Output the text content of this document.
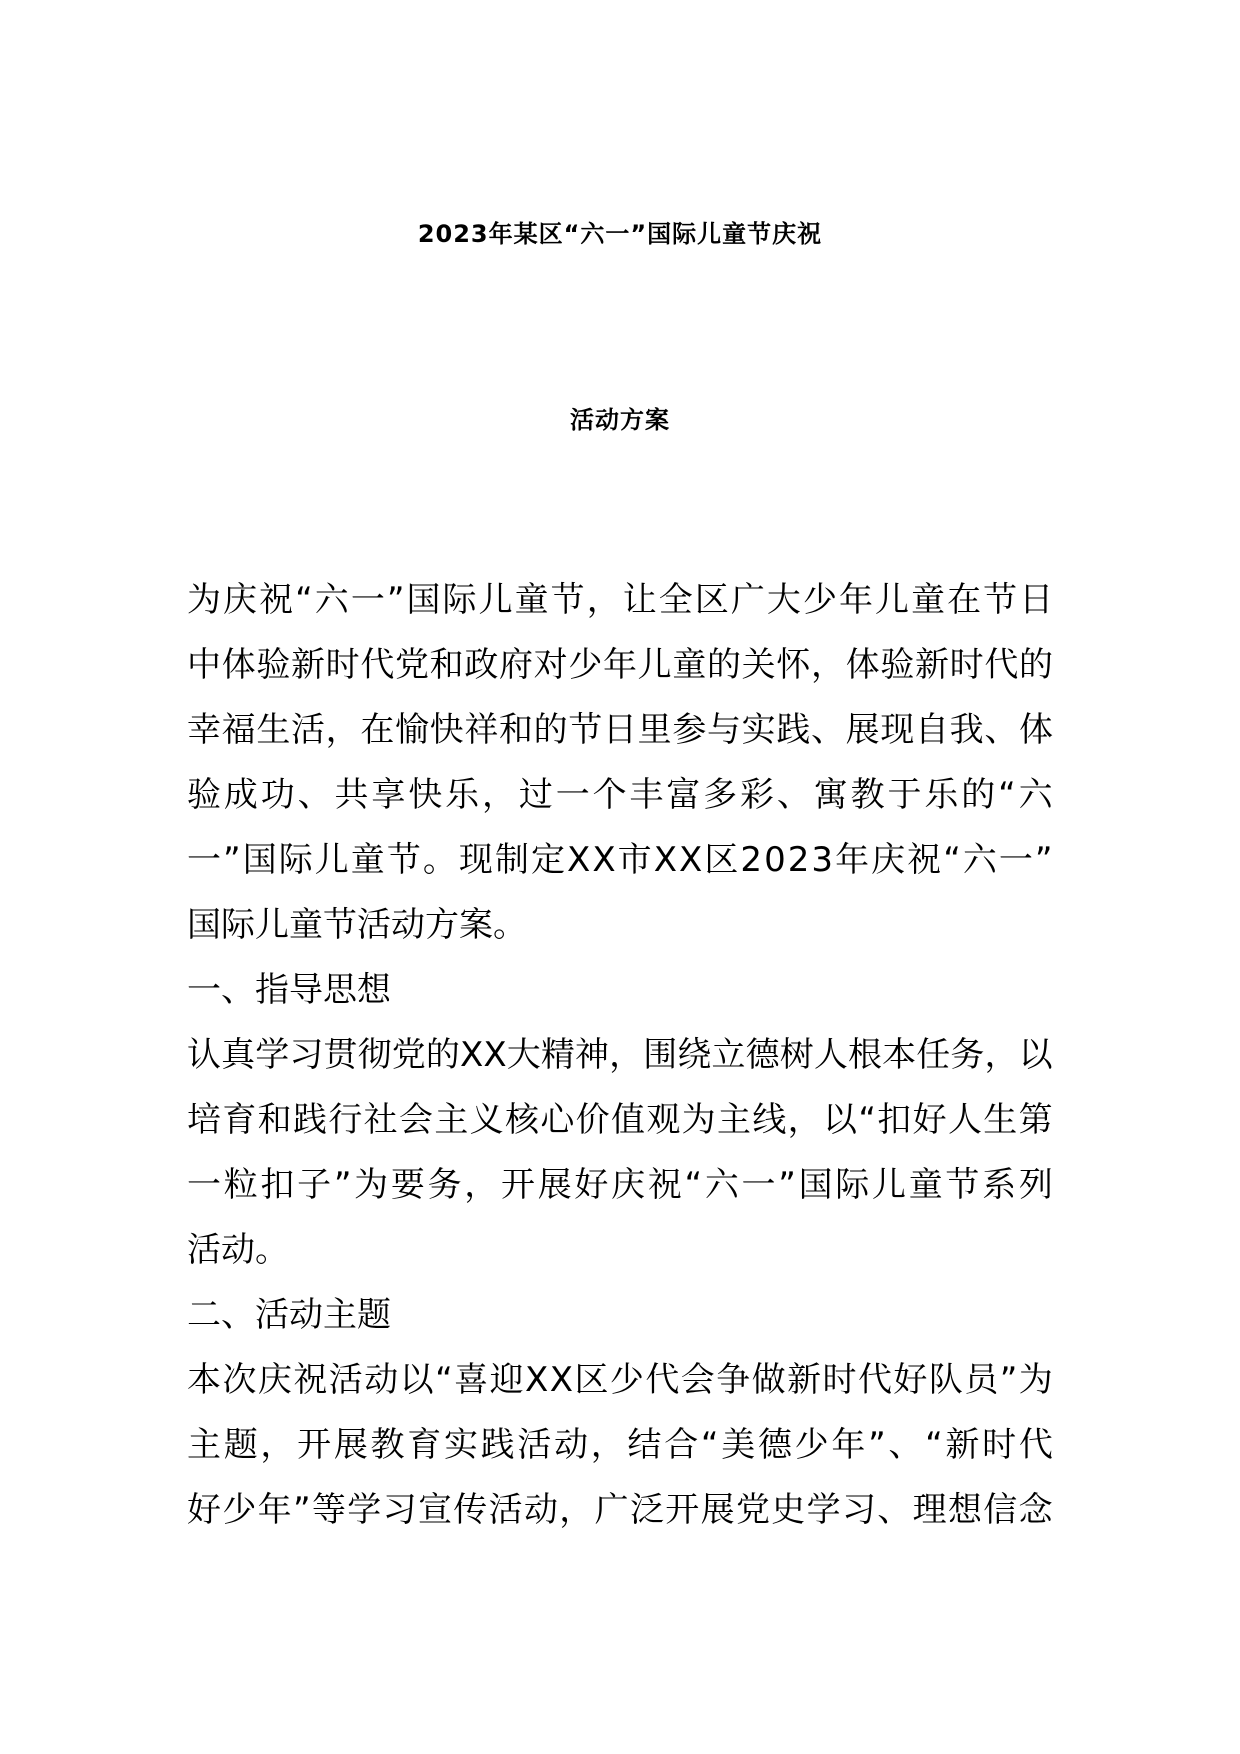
2023年某区“六一”国际儿童节庆祝
活动方案
为庆祝“六一”国际儿童节，让全区广大少年儿童在节日
中体验新时代党和政府对少年儿童的关怀，体验新时代的
幸福生活，在愉快祥和的节日里参与实践、展现自我、体
验成功、共享快乐，过一个丰富多彩、寓教于乐的“六
一”国际儿童节。现制定XX市XX区2023年庆祝“六一”
国际儿童节活动方案。
一、指导思想
认真学习贯彻党的XX大精神，围绕立德树人根本任务，以
培育和践行社会主义核心价值观为主线，以“扣好人生第
一粒扣子”为要务，开展好庆祝“六一”国际儿童节系列
活动。
二、活动主题
本次庆祝活动以“喜迎XX区少代会争做新时代好队员”为
主题，开展教育实践活动，结合“美德少年”、“新时代
好少年”等学习宣传活动，广泛开展党史学习、理想信念
